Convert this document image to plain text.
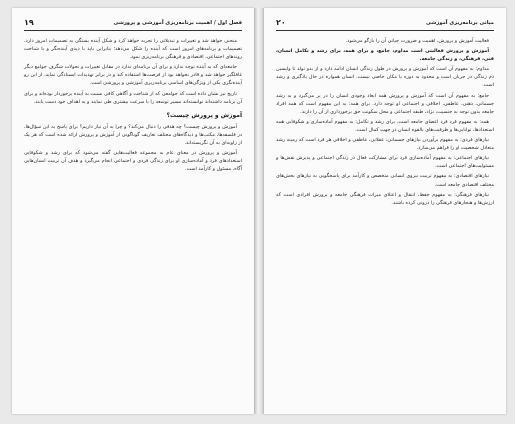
فصل اول / اهمیت برنامه‌ریزی آموزشی و پرورشی
۱۹

منحنی خواهد شد و تغییرات و تبدیلاتی را تجربه خواهد کرد و شکل آینده بستگی به تصمیمات امروز دارد. تصمیمات و برنامه‌های امروز است که آینده را شکل می‌دهد؛ بنابراین باید با دیدی آینده‌نگر و با شناخت روندهای اجتماعی، اقتصادی و فرهنگی برنامه‌ریزی نمود.

جامعه‌ای که به آینده توجه ندارد و برای آن برنامه‌ای ندارد در مقابل تغییرات و تحولات شگرف جوامع دیگر غافلگیر خواهد شد و قادر نخواهد بود از فرصت‌ها استفاده کند و در برابر تهدیدات ایستادگی نماید. از این رو آینده‌نگری یکی از ویژگی‌های اساسی برنامه‌ریزی آموزشی و پرورشی است.

تاریخ نیز نشان داده است که جوامعی که از شناخت و آگاهی کافی نسبت به آینده برخوردار بوده‌اند و برای آن برنامه داشته‌اند توانسته‌اند مسیر توسعه را با سرعت بیشتری طی نمایند و به اهداف خود دست یابند.

آموزش و پرورش چیست؟

آموزش و پرورش چیست؟ چه هدفی را دنبال می‌کند؟ و چرا به آن نیاز داریم؟ برای پاسخ به این سؤال‌ها، در فلسفه‌ها، مکتب‌ها و دیدگاه‌های مختلف تعاریف گوناگونی از آموزش و پرورش ارائه شده است که هر یک از زاویه‌ای به آن نگریسته‌اند.

آموزش و پرورش در معنای عام به مجموعه فعالیت‌هایی گفته می‌شود که برای رشد و شکوفایی استعدادهای فرد و آماده‌سازی او برای زندگی فردی و اجتماعی انجام می‌گیرد و هدف آن تربیت انسان‌هایی آگاه، مسئول و کارآمد است.

مبانی برنامه‌ریزی آموزشی
۲۰

فعالیت آموزش و پرورش، اهمیت و ضرورت حیاتی آن را بازگو می‌شود.

آموزش و پرورش فعالیتی است مداوم، جامع، و برای همه، برای رشد و تکامل انسان، فنی، فرهنگی، و زندگی جامعه.

مداوم: به مفهوم آن است که آموزش و پرورش در طول زندگی انسان ادامه دارد و از بدو تولد تا واپسین دم زندگی در جریان است و محدود به دوره یا مکان خاصی نیست. انسان همواره در حال یادگیری و رشد است.

جامع: به مفهوم آن است که آموزش و پرورش همه ابعاد وجودی انسان را در بر می‌گیرد و به رشد جسمانی، ذهنی، عاطفی، اخلاقی و اجتماعی او توجه دارد. برای همه: به این مفهوم است که همه افراد جامعه بدون توجه به جنسیت، نژاد، طبقه اجتماعی و محل سکونت حق برخورداری از آن را دارند.

همه: به مفهوم فرد فرد اعضای جامعه است، برای رشد و تکامل: به مفهوم آماده‌سازی و شکوفایی همه استعدادها، توانایی‌ها و ظرفیت‌های بالقوه انسان در جهت کمال است.

نیازهای فردی: به مفهوم برآوردن نیازهای جسمانی، عقلانی، عاطفی و اخلاقی هر فرد است که زمینه رشد متعادل شخصیت او را فراهم می‌سازد.

نیازهای اجتماعی: به مفهوم آماده‌سازی فرد برای مشارکت فعال در زندگی اجتماعی و پذیرش نقش‌ها و مسئولیت‌های اجتماعی است.

نیازهای اقتصادی: به مفهوم تربیت نیروی انسانی متخصص و کارآمد برای پاسخگویی به نیازهای بخش‌های مختلف اقتصادی جامعه است.

نیازهای فرهنگی: به مفهوم حفظ، انتقال و اعتلای میراث فرهنگی جامعه و پرورش افرادی است که ارزش‌ها و هنجارهای فرهنگی را درونی کرده باشند.
